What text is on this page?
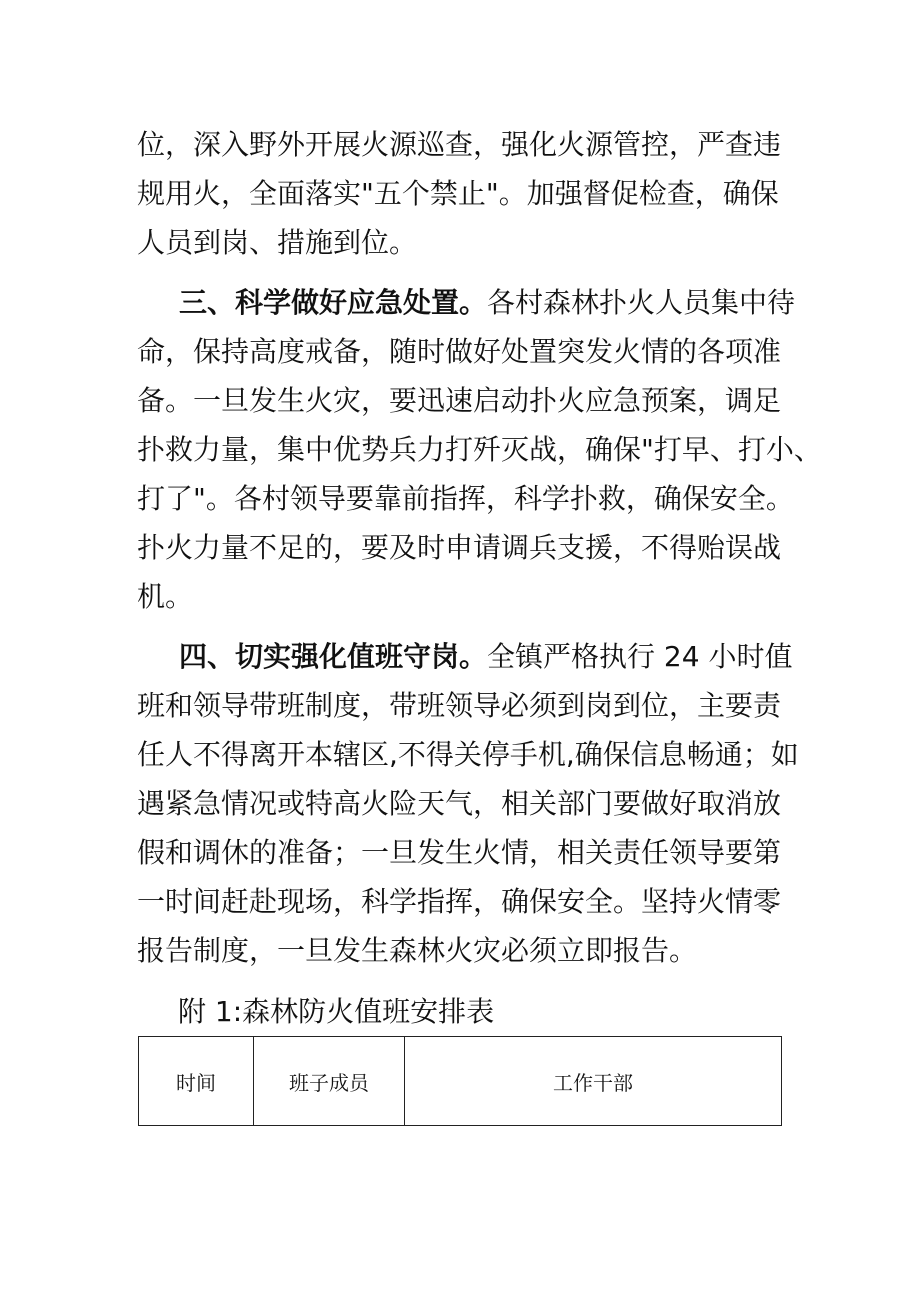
位，深入野外开展火源巡查，强化火源管控，严查违
规用火，全面落实"五个禁止"。加强督促检查，确保
人员到岗、措施到位。

三、科学做好应急处置。各村森林扑火人员集中待
命，保持高度戒备，随时做好处置突发火情的各项准
备。一旦发生火灾，要迅速启动扑火应急预案，调足
扑救力量，集中优势兵力打歼灭战，确保"打早、打小、
打了"。各村领导要靠前指挥，科学扑救，确保安全。
扑火力量不足的，要及时申请调兵支援，不得贻误战
机。

四、切实强化值班守岗。全镇严格执行 24 小时值
班和领导带班制度，带班领导必须到岗到位，主要责
任人不得离开本辖区,不得关停手机,确保信息畅通；如
遇紧急情况或特高火险天气，相关部门要做好取消放
假和调休的准备；一旦发生火情，相关责任领导要第
一时间赶赴现场，科学指挥，确保安全。坚持火情零
报告制度，一旦发生森林火灾必须立即报告。

附 1:森林防火值班安排表

时间	班子成员	工作干部
